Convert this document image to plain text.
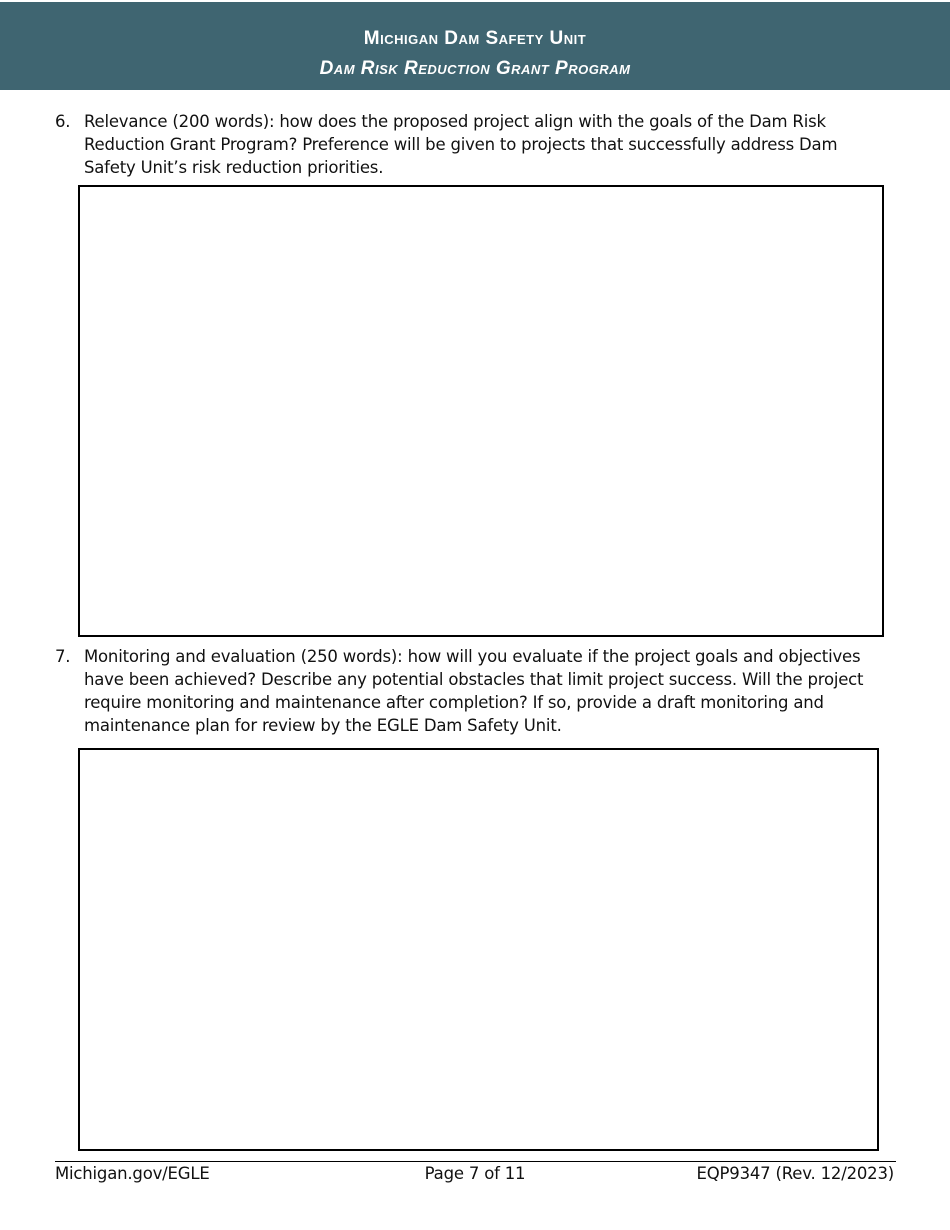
Michigan Dam Safety Unit
Dam Risk Reduction Grant Program
6. Relevance (200 words): how does the proposed project align with the goals of the Dam Risk Reduction Grant Program? Preference will be given to projects that successfully address Dam Safety Unit’s risk reduction priorities.
7. Monitoring and evaluation (250 words): how will you evaluate if the project goals and objectives have been achieved? Describe any potential obstacles that limit project success. Will the project require monitoring and maintenance after completion? If so, provide a draft monitoring and maintenance plan for review by the EGLE Dam Safety Unit.
Michigan.gov/EGLE	Page 7 of 11	EQP9347 (Rev. 12/2023)
